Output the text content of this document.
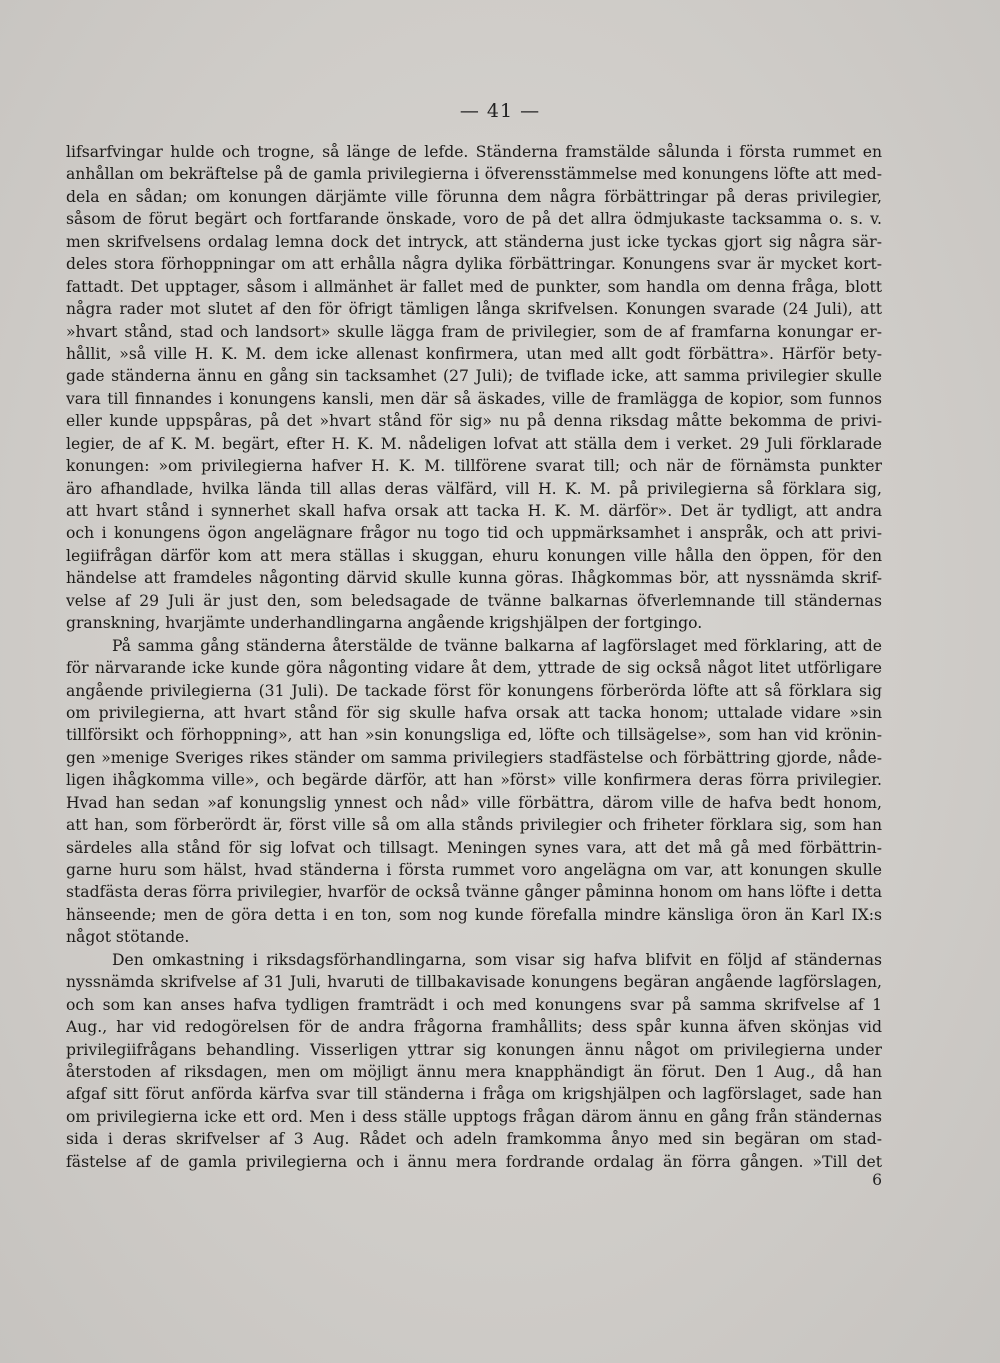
— 41 —
lifsarfvingar hulde och trogne, så länge de lefde. Ständerna framstälde sålunda i första rummet en
anhållan om bekräftelse på de gamla privilegierna i öfverensstämmelse med konungens löfte att med-
dela en sådan; om konungen därjämte ville förunna dem några förbättringar på deras privilegier,
såsom de förut begärt och fortfarande önskade, voro de på det allra ödmjukaste tacksamma o. s. v.
men skrifvelsens ordalag lemna dock det intryck, att ständerna just icke tyckas gjort sig några sär-
deles stora förhoppningar om att erhålla några dylika förbättringar. Konungens svar är mycket kort-
fattadt. Det upptager, såsom i allmänhet är fallet med de punkter, som handla om denna fråga, blott
några rader mot slutet af den för öfrigt tämligen långa skrifvelsen. Konungen svarade (24 Juli), att
»hvart stånd, stad och landsort» skulle lägga fram de privilegier, som de af framfarna konungar er-
hållit, »så ville H. K. M. dem icke allenast konfirmera, utan med allt godt förbättra». Härför bety-
gade ständerna ännu en gång sin tacksamhet (27 Juli); de tviflade icke, att samma privilegier skulle
vara till finnandes i konungens kansli, men där så äskades, ville de framlägga de kopior, som funnos
eller kunde uppspåras, på det »hvart stånd för sig» nu på denna riksdag måtte bekomma de privi-
legier, de af K. M. begärt, efter H. K. M. nådeligen lofvat att ställa dem i verket. 29 Juli förklarade
konungen: »om privilegierna hafver H. K. M. tillförene svarat till; och när de förnämsta punkter
äro afhandlade, hvilka lända till allas deras välfärd, vill H. K. M. på privilegierna så förklara sig,
att hvart stånd i synnerhet skall hafva orsak att tacka H. K. M. därför». Det är tydligt, att andra
och i konungens ögon angelägnare frågor nu togo tid och uppmärksamhet i anspråk, och att privi-
legiifrågan därför kom att mera ställas i skuggan, ehuru konungen ville hålla den öppen, för den
händelse att framdeles någonting därvid skulle kunna göras. Ihågkommas bör, att nyssnämda skrif-
velse af 29 Juli är just den, som beledsagade de tvänne balkarnas öfverlemnande till ständernas
granskning, hvarjämte underhandlingarna angående krigshjälpen der fortgingo.
På samma gång ständerna återstälde de tvänne balkarna af lagförslaget med förklaring, att de
för närvarande icke kunde göra någonting vidare åt dem, yttrade de sig också något litet utförligare
angående privilegierna (31 Juli). De tackade först för konungens förberörda löfte att så förklara sig
om privilegierna, att hvart stånd för sig skulle hafva orsak att tacka honom; uttalade vidare »sin
tillförsikt och förhoppning», att han »sin konungsliga ed, löfte och tillsägelse», som han vid krönin-
gen »menige Sveriges rikes ständer om samma privilegiers stadfästelse och förbättring gjorde, nåde-
ligen ihågkomma ville», och begärde därför, att han »först» ville konfirmera deras förra privilegier.
Hvad han sedan »af konungslig ynnest och nåd» ville förbättra, därom ville de hafva bedt honom,
att han, som förberördt är, först ville så om alla stånds privilegier och friheter förklara sig, som han
särdeles alla stånd för sig lofvat och tillsagt. Meningen synes vara, att det må gå med förbättrin-
garne huru som hälst, hvad ständerna i första rummet voro angelägna om var, att konungen skulle
stadfästa deras förra privilegier, hvarför de också tvänne gånger påminna honom om hans löfte i detta
hänseende; men de göra detta i en ton, som nog kunde förefalla mindre känsliga öron än Karl IX:s
något stötande.
Den omkastning i riksdagsförhandlingarna, som visar sig hafva blifvit en följd af ständernas
nyssnämda skrifvelse af 31 Juli, hvaruti de tillbakavisade konungens begäran angående lagförslagen,
och som kan anses hafva tydligen framträdt i och med konungens svar på samma skrifvelse af 1
Aug., har vid redogörelsen för de andra frågorna framhållits; dess spår kunna äfven skönjas vid
privilegiifrågans behandling. Visserligen yttrar sig konungen ännu något om privilegierna under
återstoden af riksdagen, men om möjligt ännu mera knapphändigt än förut. Den 1 Aug., då han
afgaf sitt förut anförda kärfva svar till ständerna i fråga om krigshjälpen och lagförslaget, sade han
om privilegierna icke ett ord. Men i dess ställe upptogs frågan därom ännu en gång från ständernas
sida i deras skrifvelser af 3 Aug. Rådet och adeln framkomma ånyo med sin begäran om stad-
fästelse af de gamla privilegierna och i ännu mera fordrande ordalag än förra gången. »Till det
6
